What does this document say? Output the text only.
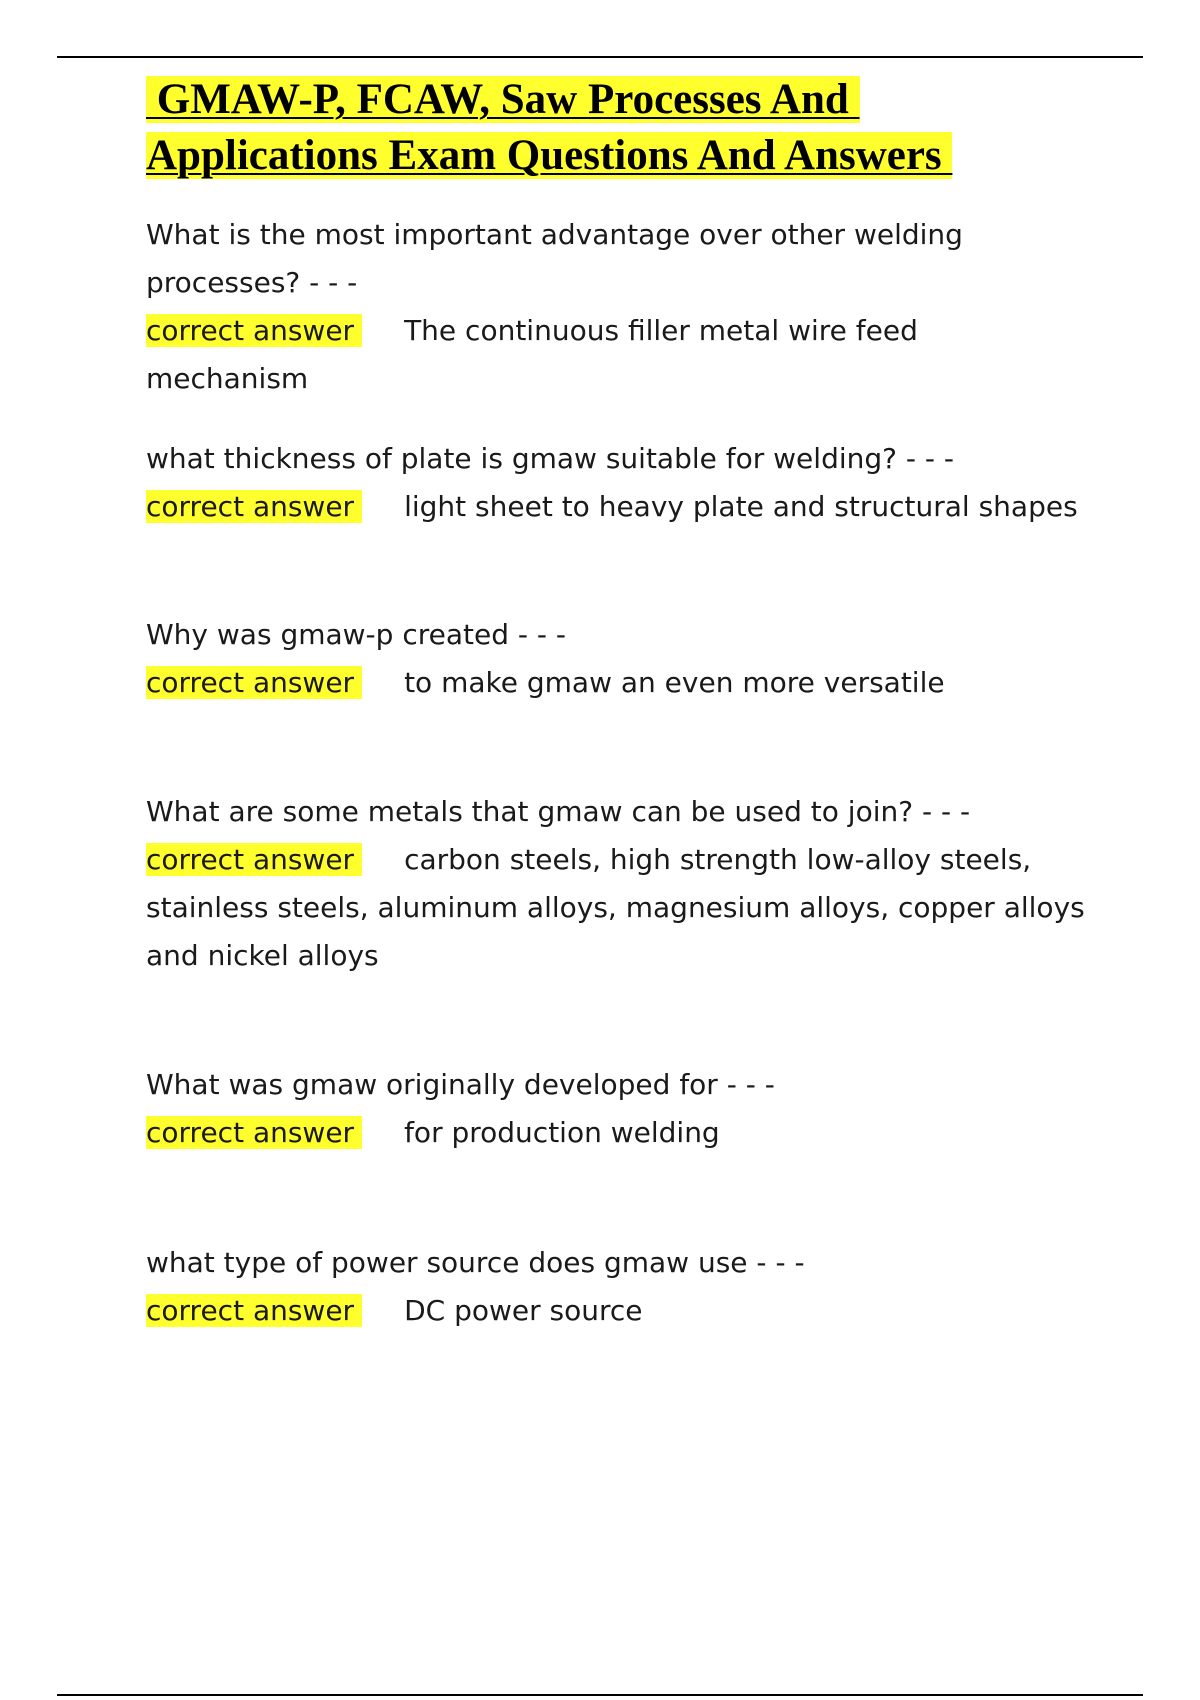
GMAW-P, FCAW, Saw Processes And
Applications Exam Questions And Answers
What is the most important advantage over other welding processes? - - -
correct answer The continuous filler metal wire feed mechanism
what thickness of plate is gmaw suitable for welding? - - -
correct answer light sheet to heavy plate and structural shapes
Why was gmaw-p created - - -
correct answer to make gmaw an even more versatile
What are some metals that gmaw can be used to join? - - -
correct answer carbon steels, high strength low-alloy steels, stainless steels, aluminum alloys, magnesium alloys, copper alloys and nickel alloys
What was gmaw originally developed for - - -
correct answer for production welding
what type of power source does gmaw use - - -
correct answer DC power source
